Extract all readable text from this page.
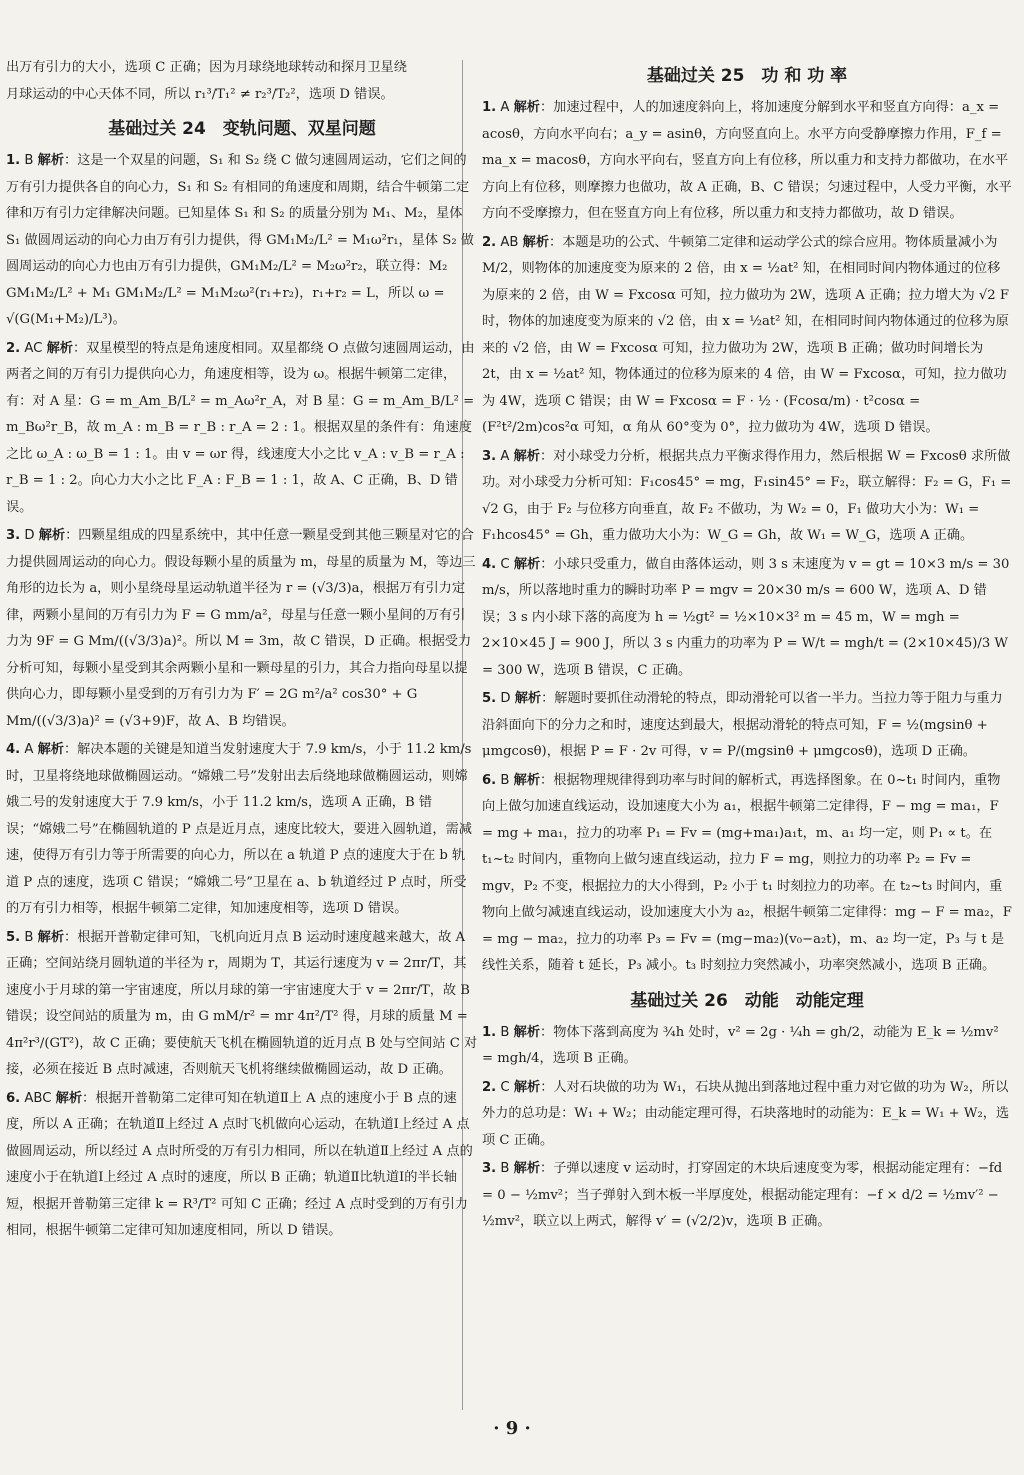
出万有引力的大小，选项 C 正确；因为月球绕地球转动和探月卫星绕

月球运动的中心天体不同，所以 r₁³/T₁² ≠ r₂³/T₂²，选项 D 错误。

基础过关 24　变轨问题、双星问题
1. B 解析：这是一个双星的问题，S₁ 和 S₂ 绕 C 做匀速圆周运动，它们之间的万有引力提供各自的向心力，S₁ 和 S₂ 有相同的角速度和周期，结合牛顿第二定律和万有引力定律解决问题。已知星体 S₁ 和 S₂ 的质量分别为 M₁、M₂，星体 S₁ 做圆周运动的向心力由万有引力提供，得 GM₁M₂/L² = M₁ω²r₁，星体 S₂ 做圆周运动的向心力也由万有引力提供，GM₁M₂/L² = M₂ω²r₂，联立得：M₂ GM₁M₂/L² + M₁ GM₁M₂/L² = M₁M₂ω²(r₁+r₂)，r₁+r₂ = L，所以 ω = √(G(M₁+M₂)/L³)。
2. AC 解析：双星模型的特点是角速度相同。双星都绕 O 点做匀速圆周运动，由两者之间的万有引力提供向心力，角速度相等，设为 ω。根据牛顿第二定律，有：对 A 星：G = m_Am_B/L² = m_Aω²r_A，对 B 星：G = m_Am_B/L² = m_Bω²r_B，故 m_A : m_B = r_B : r_A = 2 : 1。根据双星的条件有：角速度之比 ω_A : ω_B = 1 : 1。由 v = ωr 得，线速度大小之比 v_A : v_B = r_A : r_B = 1 : 2。向心力大小之比 F_A : F_B = 1 : 1，故 A、C 正确，B、D 错误。
3. D 解析：四颗星组成的四星系统中，其中任意一颗星受到其他三颗星对它的合力提供圆周运动的向心力。假设每颗小星的质量为 m，母星的质量为 M，等边三角形的边长为 a，则小星绕母星运动轨道半径为 r = (√3/3)a，根据万有引力定律，两颗小星间的万有引力为 F = G mm/a²，母星与任意一颗小星间的万有引力为 9F = G Mm/((√3/3)a)²。所以 M = 3m，故 C 错误，D 正确。根据受力分析可知，每颗小星受到其余两颗小星和一颗母星的引力，其合力指向母星以提供向心力，即每颗小星受到的万有引力为 F′ = 2G m²/a² cos30° + G Mm/((√3/3)a)² = (√3+9)F，故 A、B 均错误。
4. A 解析：解决本题的关键是知道当发射速度大于 7.9 km/s，小于 11.2 km/s时，卫星将绕地球做椭圆运动。“嫦娥二号”发射出去后绕地球做椭圆运动，则嫦娥二号的发射速度大于 7.9 km/s，小于 11.2 km/s，选项 A 正确，B 错误；“嫦娥二号”在椭圆轨道的 P 点是近月点，速度比较大，要进入圆轨道，需减速，使得万有引力等于所需要的向心力，所以在 a 轨道 P 点的速度大于在 b 轨道 P 点的速度，选项 C 错误；“嫦娥二号”卫星在 a、b 轨道经过 P 点时，所受的万有引力相等，根据牛顿第二定律，知加速度相等，选项 D 错误。
5. B 解析：根据开普勒定律可知，飞机向近月点 B 运动时速度越来越大，故 A 正确；空间站绕月圆轨道的半径为 r，周期为 T，其运行速度为 v = 2πr/T，其速度小于月球的第一宇宙速度，所以月球的第一宇宙速度大于 v = 2πr/T，故 B 错误；设空间站的质量为 m，由 G mM/r² = mr 4π²/T² 得，月球的质量 M = 4π²r³/(GT²)，故 C 正确；要使航天飞机在椭圆轨道的近月点 B 处与空间站 C 对接，必须在接近 B 点时减速，否则航天飞机将继续做椭圆运动，故 D 正确。
6. ABC 解析：根据开普勒第二定律可知在轨道Ⅱ上 A 点的速度小于 B 点的速度，所以 A 正确；在轨道Ⅱ上经过 A 点时飞机做向心运动，在轨道Ⅰ上经过 A 点做圆周运动，所以经过 A 点时所受的万有引力相同，所以在轨道Ⅱ上经过 A 点的速度小于在轨道Ⅰ上经过 A 点时的速度，所以 B 正确；轨道Ⅱ比轨道Ⅰ的半长轴短，根据开普勒第三定律 k = R³/T² 可知 C 正确；经过 A 点时受到的万有引力相同，根据牛顿第二定律可知加速度相同，所以 D 错误。
基础过关 25　功 和 功 率
1. A 解析：加速过程中，人的加速度斜向上，将加速度分解到水平和竖直方向得：a_x = acosθ，方向水平向右；a_y = asinθ，方向竖直向上。水平方向受静摩擦力作用，F_f = ma_x = macosθ，方向水平向右，竖直方向上有位移，所以重力和支持力都做功，在水平方向上有位移，则摩擦力也做功，故 A 正确，B、C 错误；匀速过程中，人受力平衡，水平方向不受摩擦力，但在竖直方向上有位移，所以重力和支持力都做功，故 D 错误。
2. AB 解析：本题是功的公式、牛顿第二定律和运动学公式的综合应用。物体质量减小为 M/2，则物体的加速度变为原来的 2 倍，由 x = ½at² 知，在相同时间内物体通过的位移为原来的 2 倍，由 W = Fxcosα 可知，拉力做功为 2W，选项 A 正确；拉力增大为 √2 F 时，物体的加速度变为原来的 √2 倍，由 x = ½at² 知，在相同时间内物体通过的位移为原来的 √2 倍，由 W = Fxcosα 可知，拉力做功为 2W，选项 B 正确；做功时间增长为 2t，由 x = ½at² 知，物体通过的位移为原来的 4 倍，由 W = Fxcosα，可知，拉力做功为 4W，选项 C 错误；由 W = Fxcosα = F · ½ · (Fcosα/m) · t²cosα = (F²t²/2m)cos²α 可知，α 角从 60°变为 0°，拉力做功为 4W，选项 D 错误。
3. A 解析：对小球受力分析，根据共点力平衡求得作用力，然后根据 W = Fxcosθ 求所做功。对小球受力分析可知：F₁cos45° = mg，F₁sin45° = F₂，联立解得：F₂ = G，F₁ = √2 G，由于 F₂ 与位移方向垂直，故 F₂ 不做功，为 W₂ = 0，F₁ 做功大小为：W₁ = F₁hcos45° = Gh，重力做功大小为：W_G = Gh，故 W₁ = W_G，选项 A 正确。
4. C 解析：小球只受重力，做自由落体运动，则 3 s 末速度为 v = gt = 10×3 m/s = 30 m/s，所以落地时重力的瞬时功率 P = mgv = 20×30 m/s = 600 W，选项 A、D 错误；3 s 内小球下落的高度为 h = ½gt² = ½×10×3² m = 45 m，W = mgh = 2×10×45 J = 900 J，所以 3 s 内重力的功率为 P = W/t = mgh/t = (2×10×45)/3 W = 300 W，选项 B 错误，C 正确。
5. D 解析：解题时要抓住动滑轮的特点，即动滑轮可以省一半力。当拉力等于阻力与重力沿斜面向下的分力之和时，速度达到最大，根据动滑轮的特点可知，F = ½(mgsinθ + μmgcosθ)，根据 P = F · 2v 可得，v = P/(mgsinθ + μmgcosθ)，选项 D 正确。
6. B 解析：根据物理规律得到功率与时间的解析式，再选择图象。在 0~t₁ 时间内，重物向上做匀加速直线运动，设加速度大小为 a₁，根据牛顿第二定律得，F − mg = ma₁，F = mg + ma₁，拉力的功率 P₁ = Fv = (mg+ma₁)a₁t，m、a₁ 均一定，则 P₁ ∝ t。在 t₁~t₂ 时间内，重物向上做匀速直线运动，拉力 F = mg，则拉力的功率 P₂ = Fv = mgv，P₂ 不变，根据拉力的大小得到，P₂ 小于 t₁ 时刻拉力的功率。在 t₂~t₃ 时间内，重物向上做匀减速直线运动，设加速度大小为 a₂，根据牛顿第二定律得：mg − F = ma₂，F = mg − ma₂，拉力的功率 P₃ = Fv = (mg−ma₂)(v₀−a₂t)，m、a₂ 均一定，P₃ 与 t 是线性关系，随着 t 延长，P₃ 减小。t₃ 时刻拉力突然减小，功率突然减小，选项 B 正确。
基础过关 26　动能　动能定理
1. B 解析：物体下落到高度为 ¾h 处时，v² = 2g · ¼h = gh/2，动能为 E_k = ½mv² = mgh/4，选项 B 正确。
2. C 解析：人对石块做的功为 W₁，石块从抛出到落地过程中重力对它做的功为 W₂，所以外力的总功是：W₁ + W₂；由动能定理可得，石块落地时的动能为：E_k = W₁ + W₂，选项 C 正确。
3. B 解析：子弹以速度 v 运动时，打穿固定的木块后速度变为零，根据动能定理有：−fd = 0 − ½mv²；当子弹射入到木板一半厚度处，根据动能定理有：−f × d/2 = ½mv′² − ½mv²，联立以上两式，解得 v′ = (√2/2)v，选项 B 正确。
· 9 ·
